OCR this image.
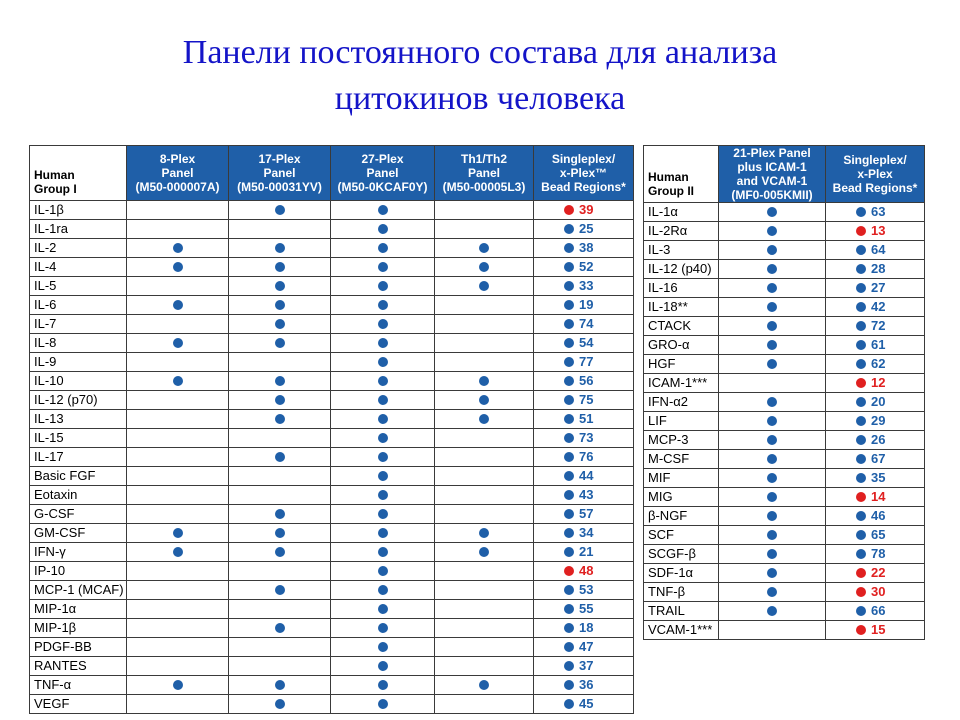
Панели постоянного состава для анализа
цитокинов человека
Human
Group I	8-Plex
Panel
(M50-000007A)	17-Plex
Panel
(M50-00031YV)	27-Plex
Panel
(M50-0KCAF0Y)	Th1/Th2
Panel
(M50-00005L3)	Singleplex/
x-Plex™
Bead Regions*

IL-1β					39
IL-1ra					25
IL-2					38
IL-4					52
IL-5					33
IL-6					19
IL-7					74
IL-8					54
IL-9					77
IL-10					56
IL-12 (p70)					75
IL-13					51
IL-15					73
IL-17					76
Basic FGF					44
Eotaxin					43
G-CSF					57
GM-CSF					34
IFN-γ					21
IP-10					48
MCP-1 (MCAF)					53
MIP-1α					55
MIP-1β					18
PDGF-BB					47
RANTES					37
TNF-α					36
VEGF					45
Human
Group II	21-Plex Panel
plus ICAM-1
and VCAM-1
(MF0-005KMII)	Singleplex/
x-Plex
Bead Regions*

IL-1α		63
IL-2Rα		13
IL-3		64
IL-12 (p40)		28
IL-16		27
IL-18**		42
CTACK		72
GRO-α		61
HGF		62
ICAM-1***		12
IFN-α2		20
LIF		29
MCP-3		26
M-CSF		67
MIF		35
MIG		14
β-NGF		46
SCF		65
SCGF-β		78
SDF-1α		22
TNF-β		30
TRAIL		66
VCAM-1***		15
